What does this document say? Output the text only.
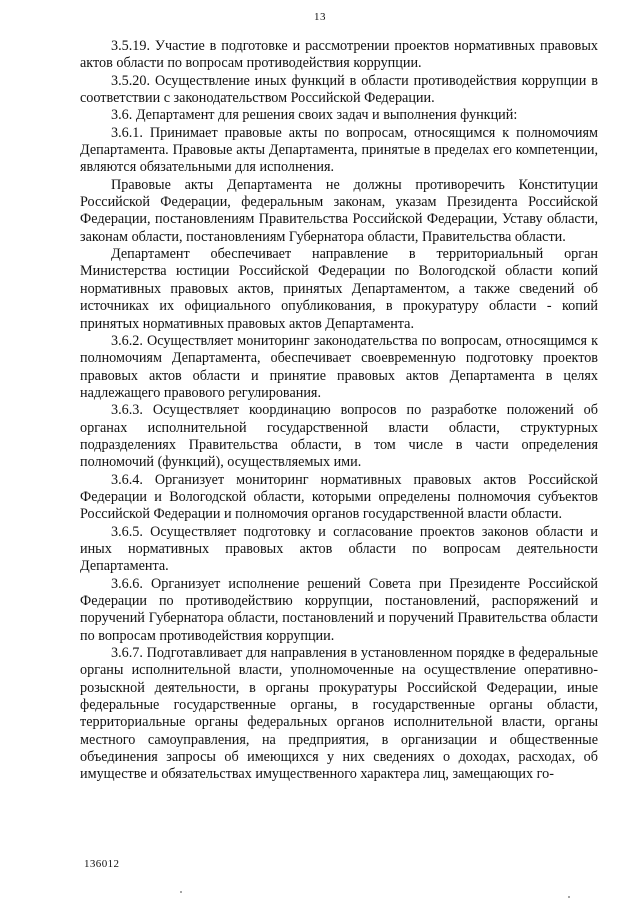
13

3.5.19. Участие в подготовке и рассмотрении проектов нормативных правовых актов области по вопросам противодействия коррупции.

3.5.20. Осуществление иных функций в области противодействия коррупции в соответствии с законодательством Российской Федерации.

3.6. Департамент для решения своих задач и выполнения функций:

3.6.1. Принимает правовые акты по вопросам, относящимся к полномочиям Департамента. Правовые акты Департамента, принятые в пределах его компетенции, являются обязательными для исполнения.

Правовые акты Департамента не должны противоречить Конституции Российской Федерации, федеральным законам, указам Президента Российской Федерации, постановлениям Правительства Российской Федерации, Уставу области, законам области, постановлениям Губернатора области, Правительства области.

Департамент обеспечивает направление в территориальный орган Министерства юстиции Российской Федерации по Вологодской области копий нормативных правовых актов, принятых Департаментом, а также сведений об источниках их официального опубликования, в прокуратуру области - копий принятых нормативных правовых актов Департамента.

3.6.2. Осуществляет мониторинг законодательства по вопросам, относящимся к полномочиям Департамента, обеспечивает своевременную подготовку проектов правовых актов области и принятие правовых актов Департамента в целях надлежащего правового регулирования.

3.6.3. Осуществляет координацию вопросов по разработке положений об органах исполнительной государственной власти области, структурных подразделениях Правительства области, в том числе в части определения полномочий (функций), осуществляемых ими.

3.6.4. Организует мониторинг нормативных правовых актов Российской Федерации и Вологодской области, которыми определены полномочия субъектов Российской Федерации и полномочия органов государственной власти области.

3.6.5. Осуществляет подготовку и согласование проектов законов области и иных нормативных правовых актов области по вопросам деятельности Департамента.

3.6.6. Организует исполнение решений Совета при Президенте Российской Федерации по противодействию коррупции, постановлений, распоряжений и поручений Губернатора области, постановлений и поручений Правительства области по вопросам противодействия коррупции.

3.6.7. Подготавливает для направления в установленном порядке в федеральные органы исполнительной власти, уполномоченные на осуществление оперативно-розыскной деятельности, в органы прокуратуры Российской Федерации, иные федеральные государственные органы, в государственные органы области, территориальные органы федеральных органов исполнительной власти, органы местного самоуправления, на предприятия, в организации и общественные объединения запросы об имеющихся у них сведениях о доходах, расходах, об имуществе и обязательствах имущественного характера лиц, замещающих го-

136012
